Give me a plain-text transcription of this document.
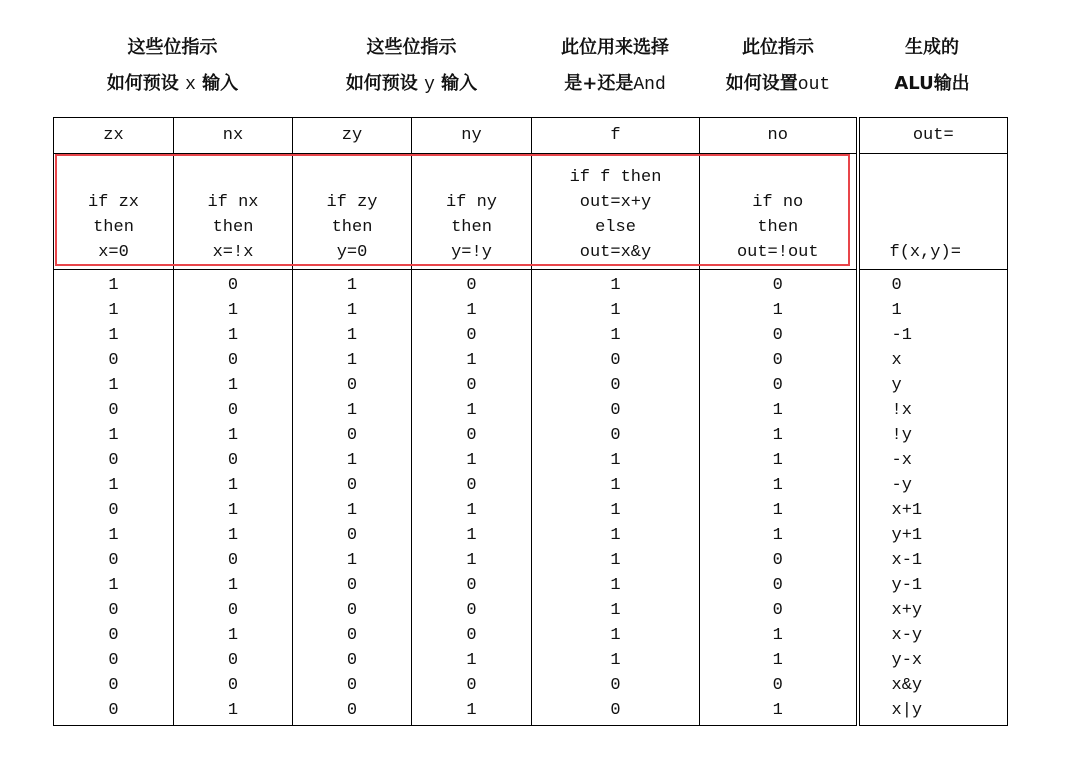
这些位指示
如何预设 x 输入
这些位指示
如何预设 y 输入
此位用来选择
是+还是And
此位指示
如何设置out
生成的
ALU输出
zx	nx	zy	ny	f	no	out=
if zx
then
x=0	if nx
then
x=!x	if zy
then
y=0	if ny
then
y=!y	if f then
out=x+y
else
out=x&y	if no
then
out=!out	f(x,y)=
1	0	1	0	1	0	0
1	1	1	1	1	1	1
1	1	1	0	1	0	-1
0	0	1	1	0	0	x
1	1	0	0	0	0	y
0	0	1	1	0	1	!x
1	1	0	0	0	1	!y
0	0	1	1	1	1	-x
1	1	0	0	1	1	-y
0	1	1	1	1	1	x+1
1	1	0	1	1	1	y+1
0	0	1	1	1	0	x-1
1	1	0	0	1	0	y-1
0	0	0	0	1	0	x+y
0	1	0	0	1	1	x-y
0	0	0	1	1	1	y-x
0	0	0	0	0	0	x&y
0	1	0	1	0	1	x|y
